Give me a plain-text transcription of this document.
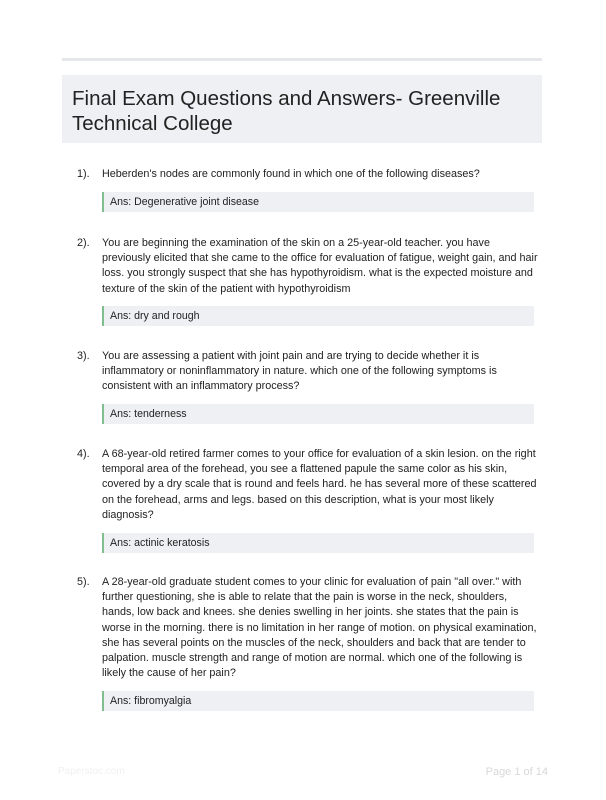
Final Exam Questions and Answers- Greenville Technical College
1). Heberden's nodes are commonly found in which one of the following diseases?
Ans: Degenerative joint disease
2). You are beginning the examination of the skin on a 25-year-old teacher. you have previously elicited that she came to the office for evaluation of fatigue, weight gain, and hair loss. you strongly suspect that she has hypothyroidism. what is the expected moisture and texture of the skin of the patient with hypothyroidism
Ans: dry and rough
3). You are assessing a patient with joint pain and are trying to decide whether it is inflammatory or noninflammatory in nature. which one of the following symptoms is consistent with an inflammatory process?
Ans: tenderness
4). A 68-year-old retired farmer comes to your office for evaluation of a skin lesion. on the right temporal area of the forehead, you see a flattened papule the same color as his skin, covered by a dry scale that is round and feels hard. he has several more of these scattered on the forehead, arms and legs. based on this description, what is your most likely diagnosis?
Ans: actinic keratosis
5). A 28-year-old graduate student comes to your clinic for evaluation of pain "all over." with further questioning, she is able to relate that the pain is worse in the neck, shoulders, hands, low back and knees. she denies swelling in her joints. she states that the pain is worse in the morning. there is no limitation in her range of motion. on physical examination, she has several points on the muscles of the neck, shoulders and back that are tender to palpation. muscle strength and range of motion are normal. which one of the following is likely the cause of her pain?
Ans: fibromyalgia
Paperstoc.com	Page 1 of 14
